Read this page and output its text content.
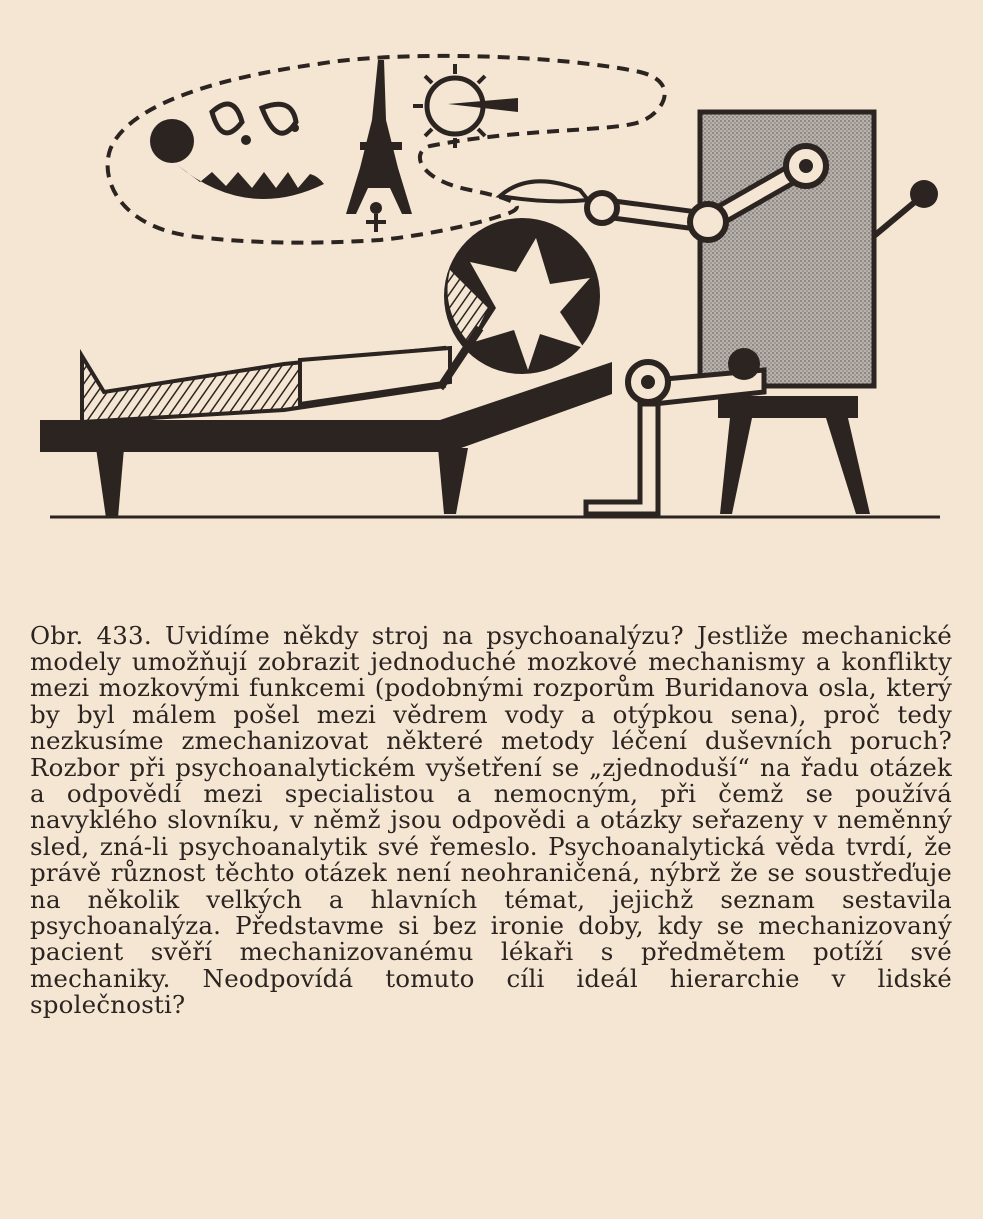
Obr. 433. Uvidíme někdy stroj na psychoanalýzu? Jestliže mechanické modely umožňují zobrazit jednoduché mozkové mechanismy a konflikty mezi mozkovými funkcemi (podobnými rozporům Buridanova osla, který by byl málem pošel mezi vědrem vody a otýpkou sena), proč tedy nezkusíme zmechanizovat některé metody léčení duševních poruch? Rozbor při psychoanalytickém vyšetření se „zjednoduší“ na řadu otázek a odpovědí mezi specialistou a nemocným, při čemž se používá navyklého slovníku, v němž jsou odpovědi a otázky seřazeny v neměnný sled, zná-li psychoanalytik své řemeslo. Psychoanalytická věda tvrdí, že právě různost těchto otázek není neohraničená, nýbrž že se soustřeďuje na několik velkých a hlavních témat, jejichž seznam sestavila psychoanalýza. Představme si bez ironie doby, kdy se mechanizovaný pacient svěří mechanizovanému lékaři s předmětem potíží své mechaniky. Neodpovídá tomuto cíli ideál hierarchie v lidské společnosti?
